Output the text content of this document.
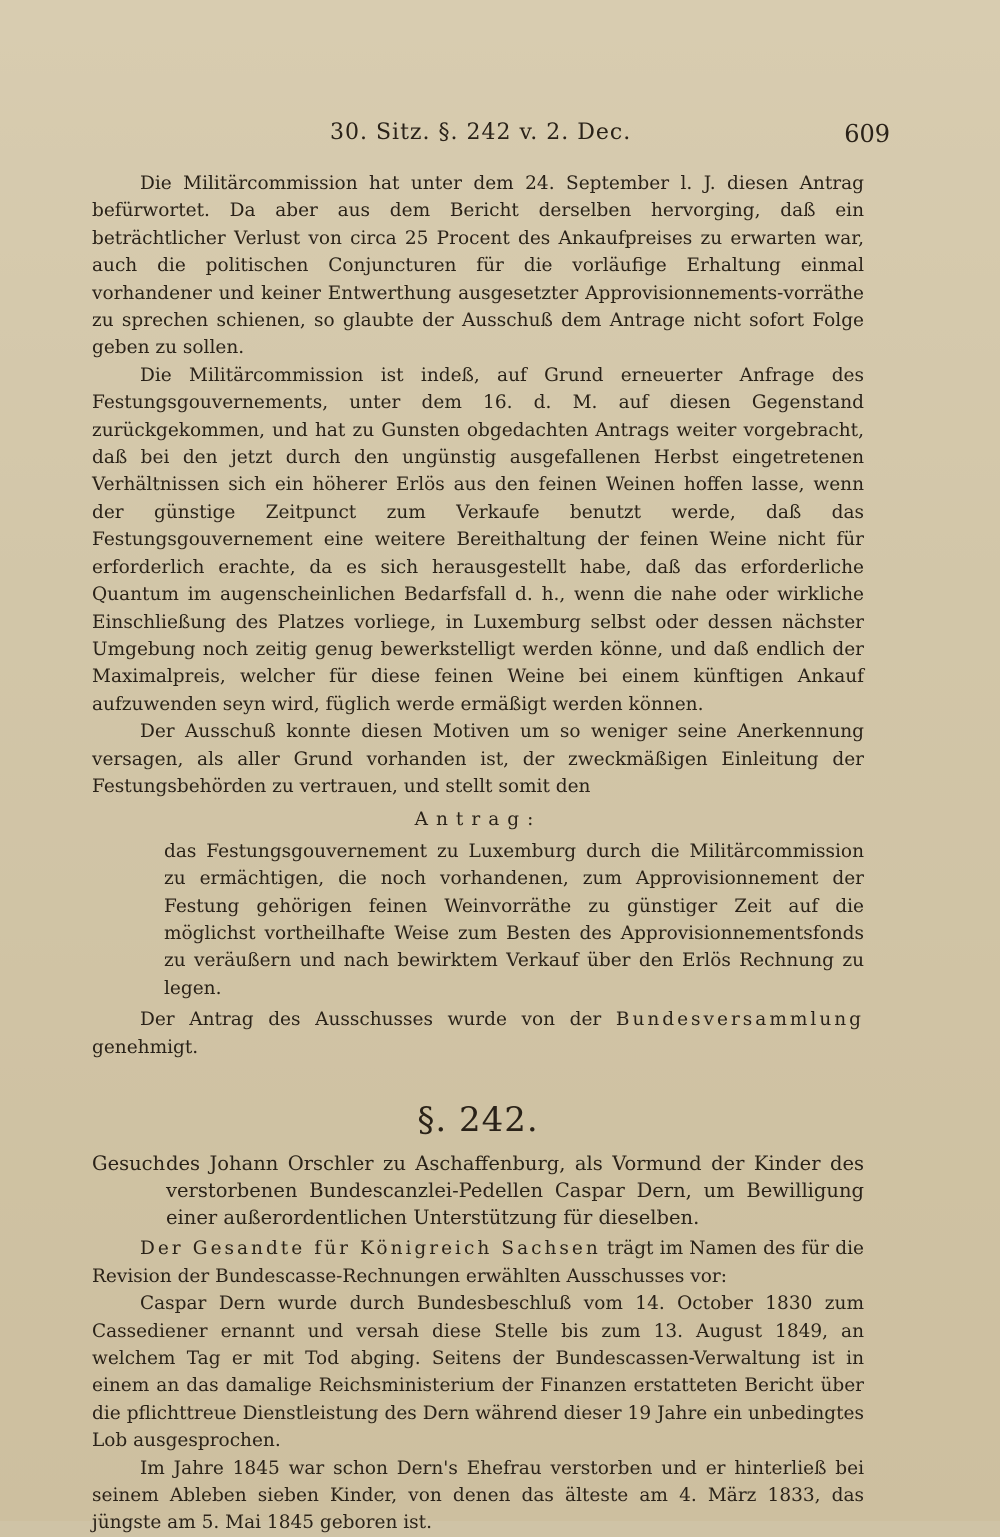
30. Sitz. §. 242 v. 2. Dec.	609

Die Militärcommission hat unter dem 24. September l. J. diesen Antrag befürwortet. Da aber aus dem Bericht derselben hervorging, daß ein beträchtlicher Verlust von circa 25 Procent des Ankaufpreises zu erwarten war, auch die politischen Conjuncturen für die vorläufige Erhaltung einmal vorhandener und keiner Entwerthung ausgesetzter Approvisionnements-vorräthe zu sprechen schienen, so glaubte der Ausschuß dem Antrage nicht sofort Folge geben zu sollen.

Die Militärcommission ist indeß, auf Grund erneuerter Anfrage des Festungsgouvernements, unter dem 16. d. M. auf diesen Gegenstand zurückgekommen, und hat zu Gunsten obgedachten Antrags weiter vorgebracht, daß bei den jetzt durch den ungünstig ausgefallenen Herbst eingetretenen Verhältnissen sich ein höherer Erlös aus den feinen Weinen hoffen lasse, wenn der günstige Zeitpunct zum Verkaufe benutzt werde, daß das Festungsgouvernement eine weitere Bereithaltung der feinen Weine nicht für erforderlich erachte, da es sich herausgestellt habe, daß das erforderliche Quantum im augenscheinlichen Bedarfsfall d. h., wenn die nahe oder wirkliche Einschließung des Platzes vorliege, in Luxemburg selbst oder dessen nächster Umgebung noch zeitig genug bewerkstelligt werden könne, und daß endlich der Maximalpreis, welcher für diese feinen Weine bei einem künftigen Ankauf aufzuwenden seyn wird, füglich werde ermäßigt werden können.

Der Ausschuß konnte diesen Motiven um so weniger seine Anerkennung versagen, als aller Grund vorhanden ist, der zweckmäßigen Einleitung der Festungsbehörden zu vertrauen, und stellt somit den

Antrag:

das Festungsgouvernement zu Luxemburg durch die Militärcommission zu ermächtigen, die noch vorhandenen, zum Approvisionnement der Festung gehörigen feinen Weinvorräthe zu günstiger Zeit auf die möglichst vortheilhafte Weise zum Besten des Approvisionnementsfonds zu veräußern und nach bewirktem Verkauf über den Erlös Rechnung zu legen.

Der Antrag des Ausschusses wurde von der Bundesversammlung genehmigt.

§. 242.

Gesuch des Johann Orschler zu Aschaffenburg, als Vormund der Kinder des verstorbenen Bundescanzlei-Pedellen Caspar Dern, um Bewilligung einer außerordentlichen Unterstützung für dieselben.

Der Gesandte für Königreich Sachsen trägt im Namen des für die Revision der Bundescasse-Rechnungen erwählten Ausschusses vor:

Caspar Dern wurde durch Bundesbeschluß vom 14. October 1830 zum Cassediener ernannt und versah diese Stelle bis zum 13. August 1849, an welchem Tag er mit Tod abging. Seitens der Bundescassen-Verwaltung ist in einem an das damalige Reichsministerium der Finanzen erstatteten Bericht über die pflichttreue Dienstleistung des Dern während dieser 19 Jahre ein unbedingtes Lob ausgesprochen.

Im Jahre 1845 war schon Dern's Ehefrau verstorben und er hinterließ bei seinem Ableben sieben Kinder, von denen das älteste am 4. März 1833, das jüngste am 5. Mai 1845 geboren ist.
